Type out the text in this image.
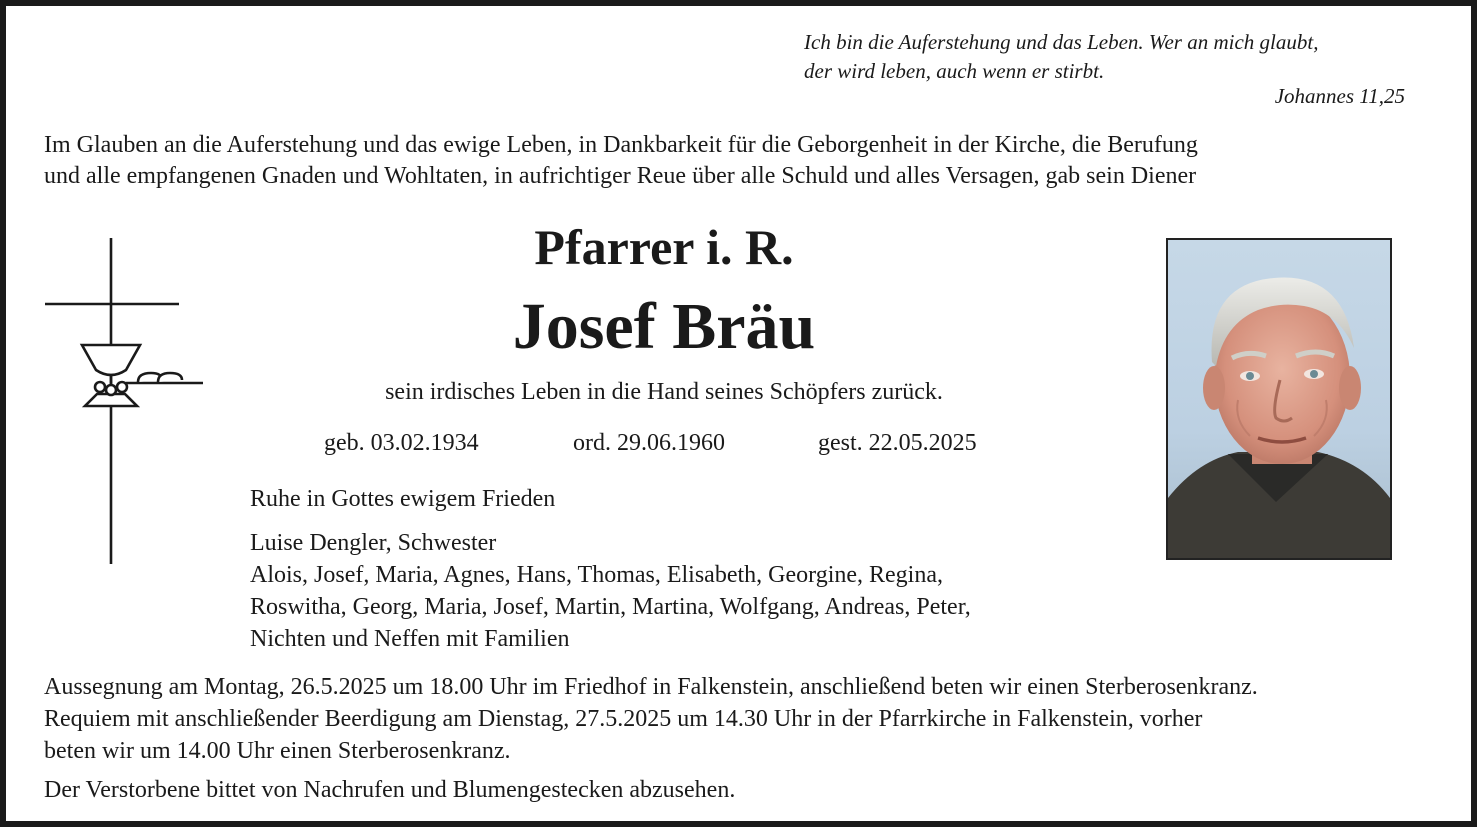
Ich bin die Auferstehung und das Leben. Wer an mich glaubt,
der wird leben, auch wenn er stirbt.
Johannes 11,25
Im Glauben an die Auferstehung und das ewige Leben, in Dankbarkeit für die Geborgenheit in der Kirche, die Berufung
und alle empfangenen Gnaden und Wohltaten, in aufrichtiger Reue über alle Schuld und alles Versagen, gab sein Diener
Pfarrer i. R.
Josef Bräu
sein irdisches Leben in die Hand seines Schöpfers zurück.
geb. 03.02.1934	ord. 29.06.1960	gest. 22.05.2025
Ruhe in Gottes ewigem Frieden
Luise Dengler, Schwester
Alois, Josef, Maria, Agnes, Hans, Thomas, Elisabeth, Georgine, Regina,
Roswitha, Georg, Maria, Josef, Martin, Martina, Wolfgang, Andreas, Peter,
Nichten und Neffen mit Familien
Aussegnung am Montag, 26.5.2025 um 18.00 Uhr im Friedhof in Falkenstein, anschließend beten wir einen Sterberosenkranz.
Requiem mit anschließender Beerdigung am Dienstag, 27.5.2025 um 14.30 Uhr in der Pfarrkirche in Falkenstein, vorher
beten wir um 14.00 Uhr einen Sterberosenkranz.
Der Verstorbene bittet von Nachrufen und Blumengestecken abzusehen.
